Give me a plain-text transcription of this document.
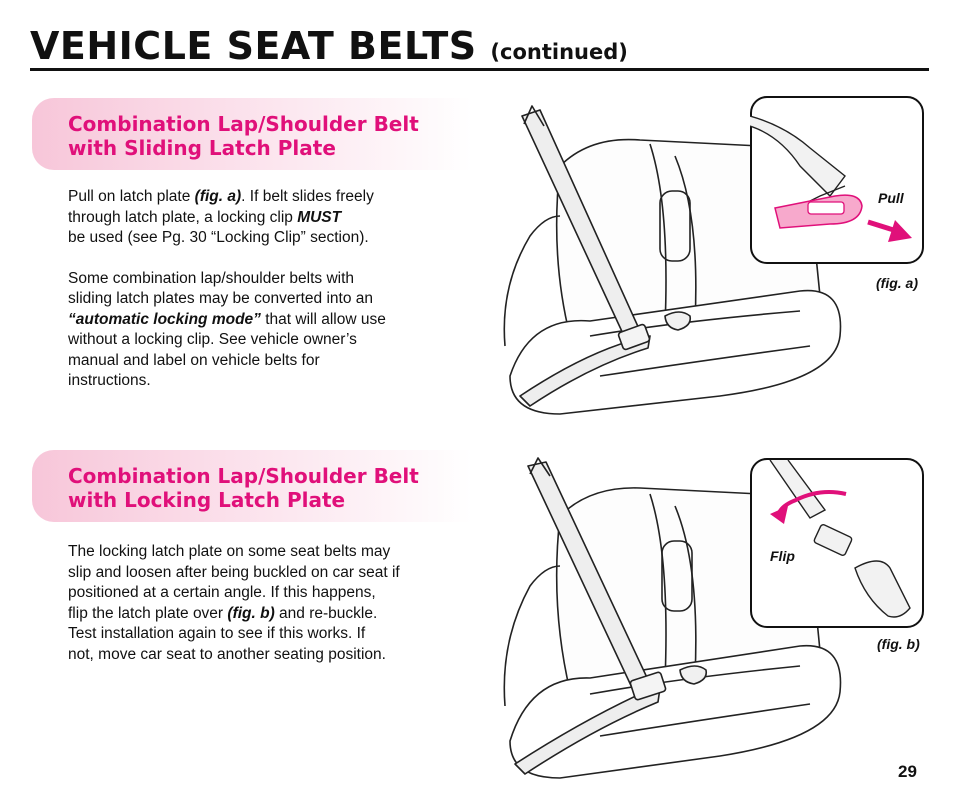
VEHICLE SEAT BELTS (continued)
Combination Lap/Shoulder Belt
with Sliding Latch Plate

Pull on latch plate (fig. a). If belt slides freely
through latch plate, a locking clip MUST
be used (see Pg. 30 “Locking Clip” section).

Some combination lap/shoulder belts with
sliding latch plates may be converted into an
“automatic locking mode” that will allow use
without a locking clip. See vehicle owner’s
manual and label on vehicle belts for
instructions.

Combination Lap/Shoulder Belt
with Locking Latch Plate

The locking latch plate on some seat belts may
slip and loosen after being buckled on car seat if
positioned at a certain angle. If this happens,
flip the latch plate over (fig. b) and re-buckle.
Test installation again to see if this works. If
not, move car seat to another seating position.

Pull
(fig. a)
Flip
(fig. b)
29
